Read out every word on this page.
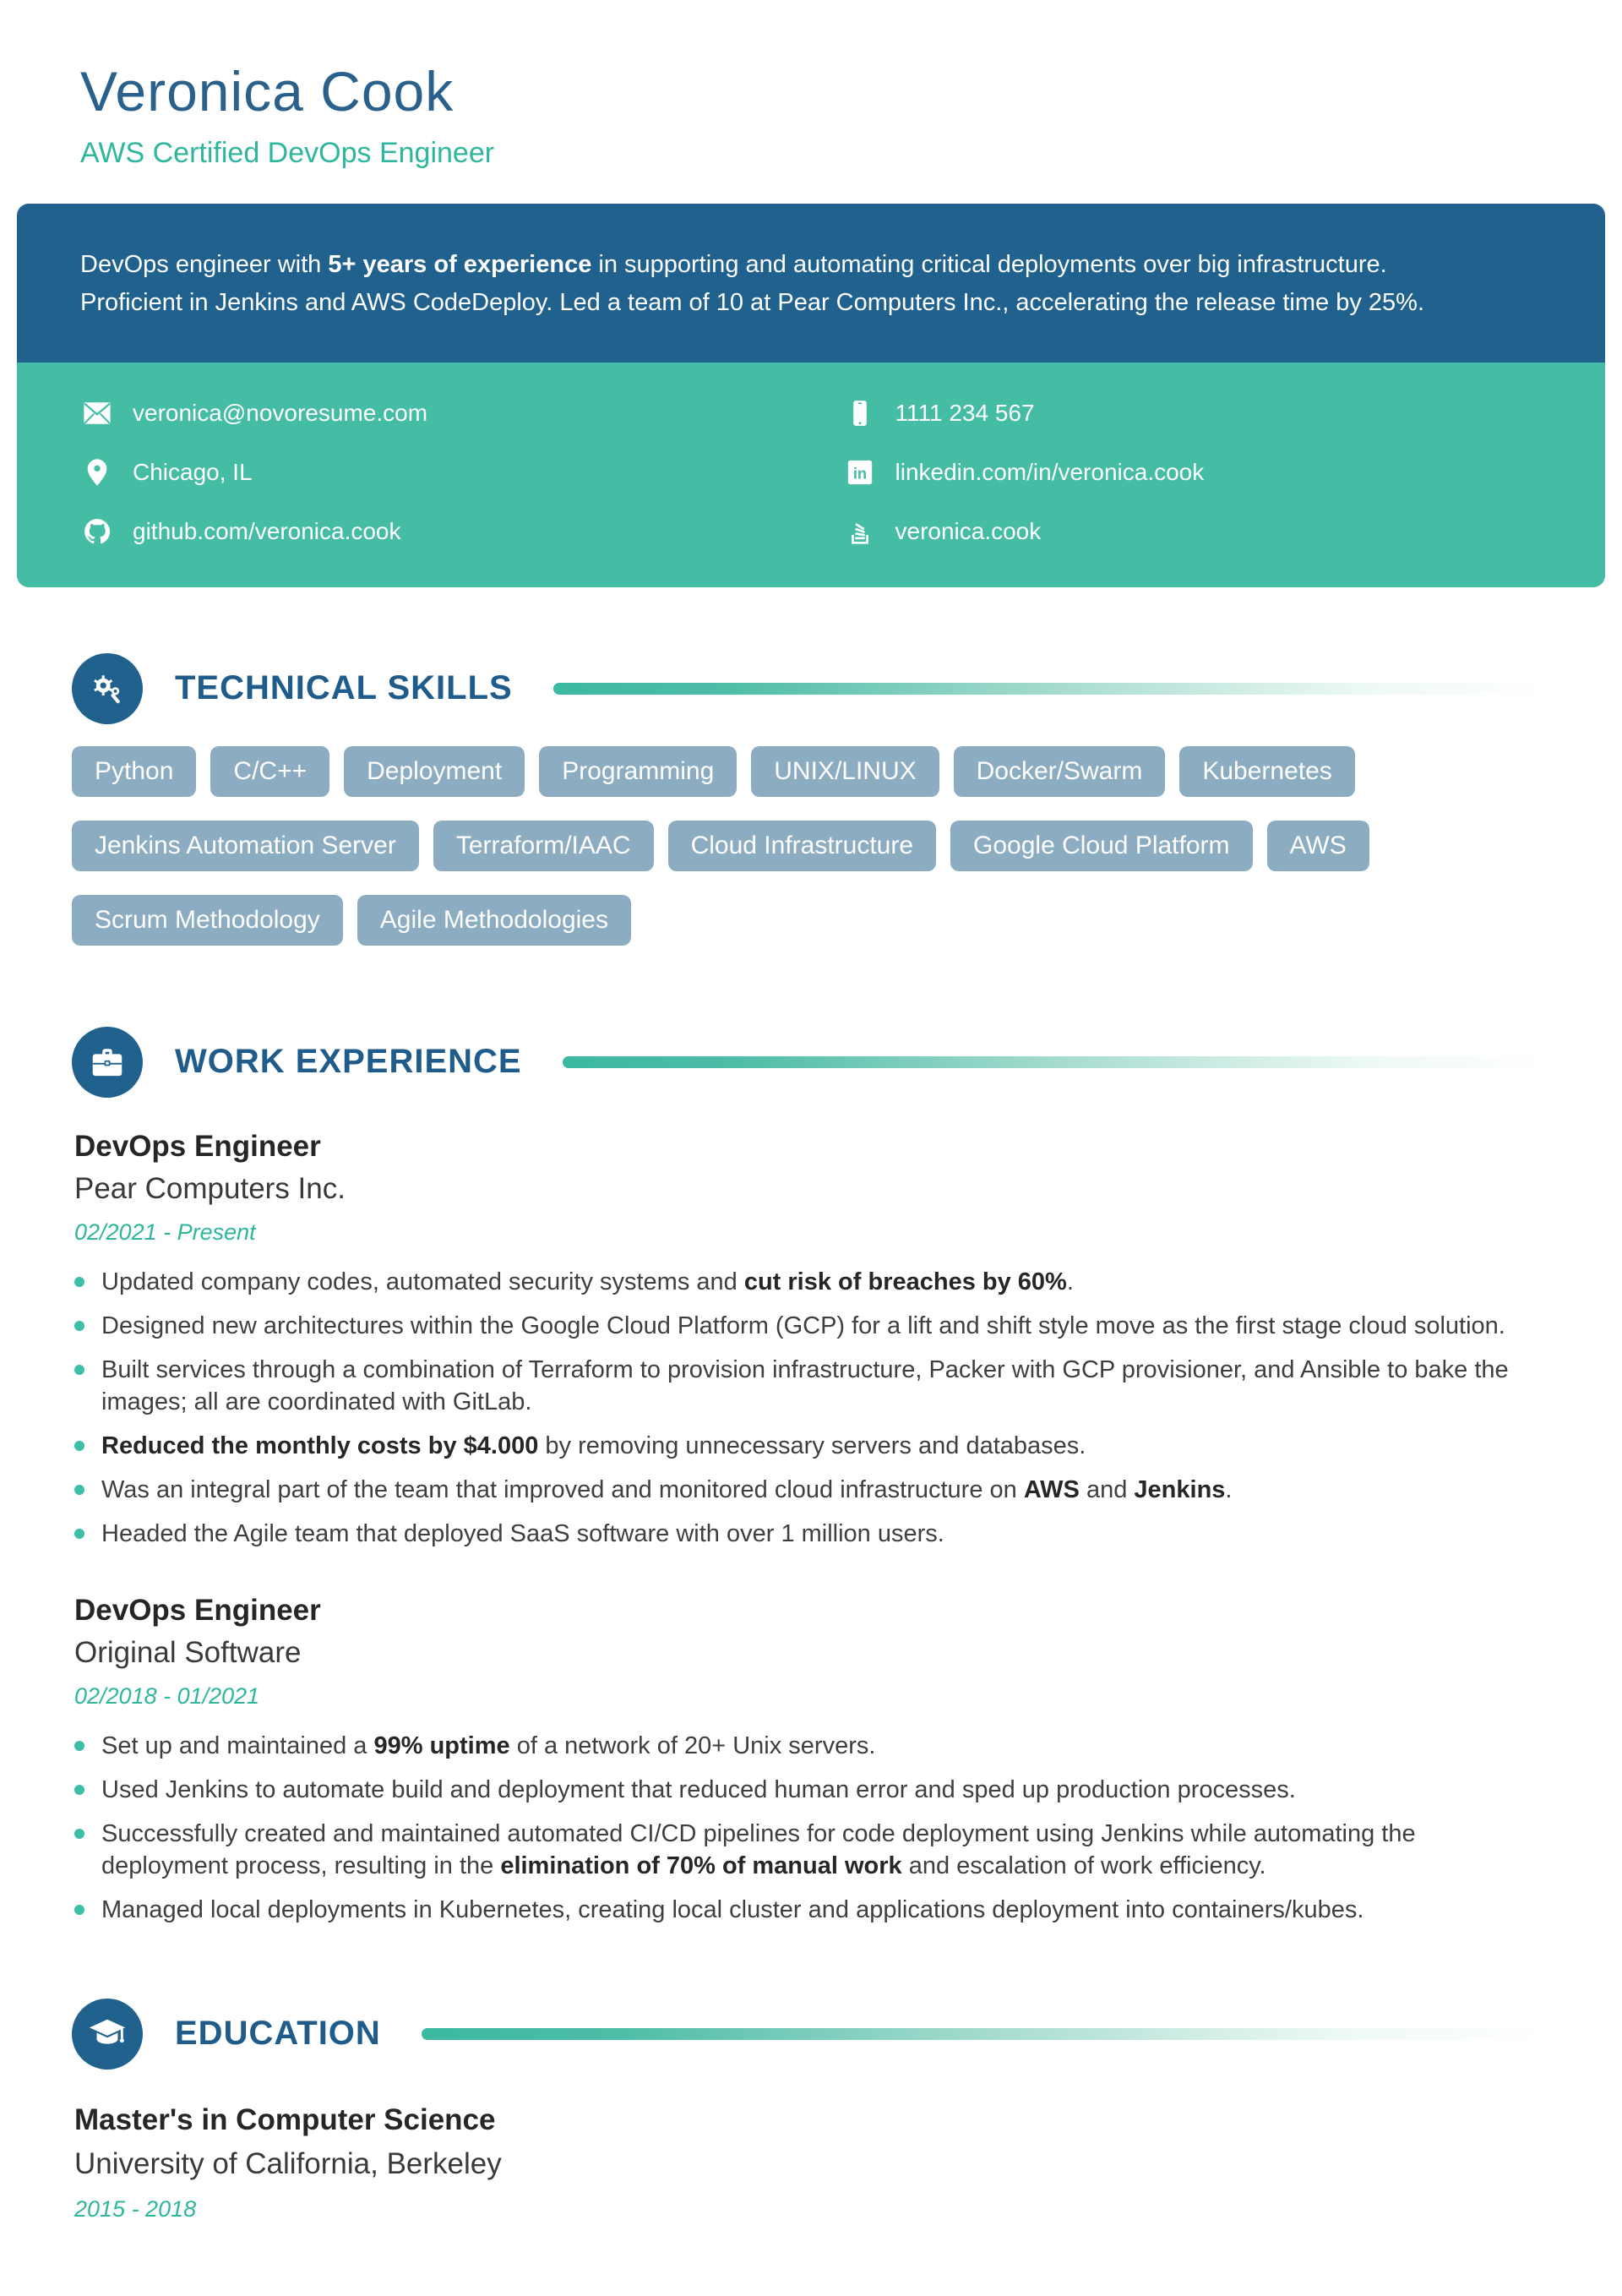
Veronica Cook
AWS Certified DevOps Engineer
DevOps engineer with 5+ years of experience in supporting and automating critical deployments over big infrastructure. Proficient in Jenkins and AWS CodeDeploy. Led a team of 10 at Pear Computers Inc., accelerating the release time by 25%.
veronica@novoresume.com
Chicago, IL
github.com/veronica.cook
1111 234 567
in linkedin.com/in/veronica.cook
veronica.cook
TECHNICAL SKILLS
Python	C/C++	Deployment	Programming	UNIX/LINUX	Docker/Swarm	Kubernetes
Jenkins Automation Server	Terraform/IAAC	Cloud Infrastructure	Google Cloud Platform	AWS
Scrum Methodology	Agile Methodologies
WORK EXPERIENCE
DevOps Engineer
Pear Computers Inc.
02/2021 - Present
Updated company codes, automated security systems and cut risk of breaches by 60%.
Designed new architectures within the Google Cloud Platform (GCP) for a lift and shift style move as the first stage cloud solution.
Built services through a combination of Terraform to provision infrastructure, Packer with GCP provisioner, and Ansible to bake the images; all are coordinated with GitLab.
Reduced the monthly costs by $4.000 by removing unnecessary servers and databases.
Was an integral part of the team that improved and monitored cloud infrastructure on AWS and Jenkins.
Headed the Agile team that deployed SaaS software with over 1 million users.
DevOps Engineer
Original Software
02/2018 - 01/2021
Set up and maintained a 99% uptime of a network of 20+ Unix servers.
Used Jenkins to automate build and deployment that reduced human error and sped up production processes.
Successfully created and maintained automated CI/CD pipelines for code deployment using Jenkins while automating the deployment process, resulting in the elimination of 70% of manual work and escalation of work efficiency.
Managed local deployments in Kubernetes, creating local cluster and applications deployment into containers/kubes.
EDUCATION
Master's in Computer Science
University of California, Berkeley
2015 - 2018
